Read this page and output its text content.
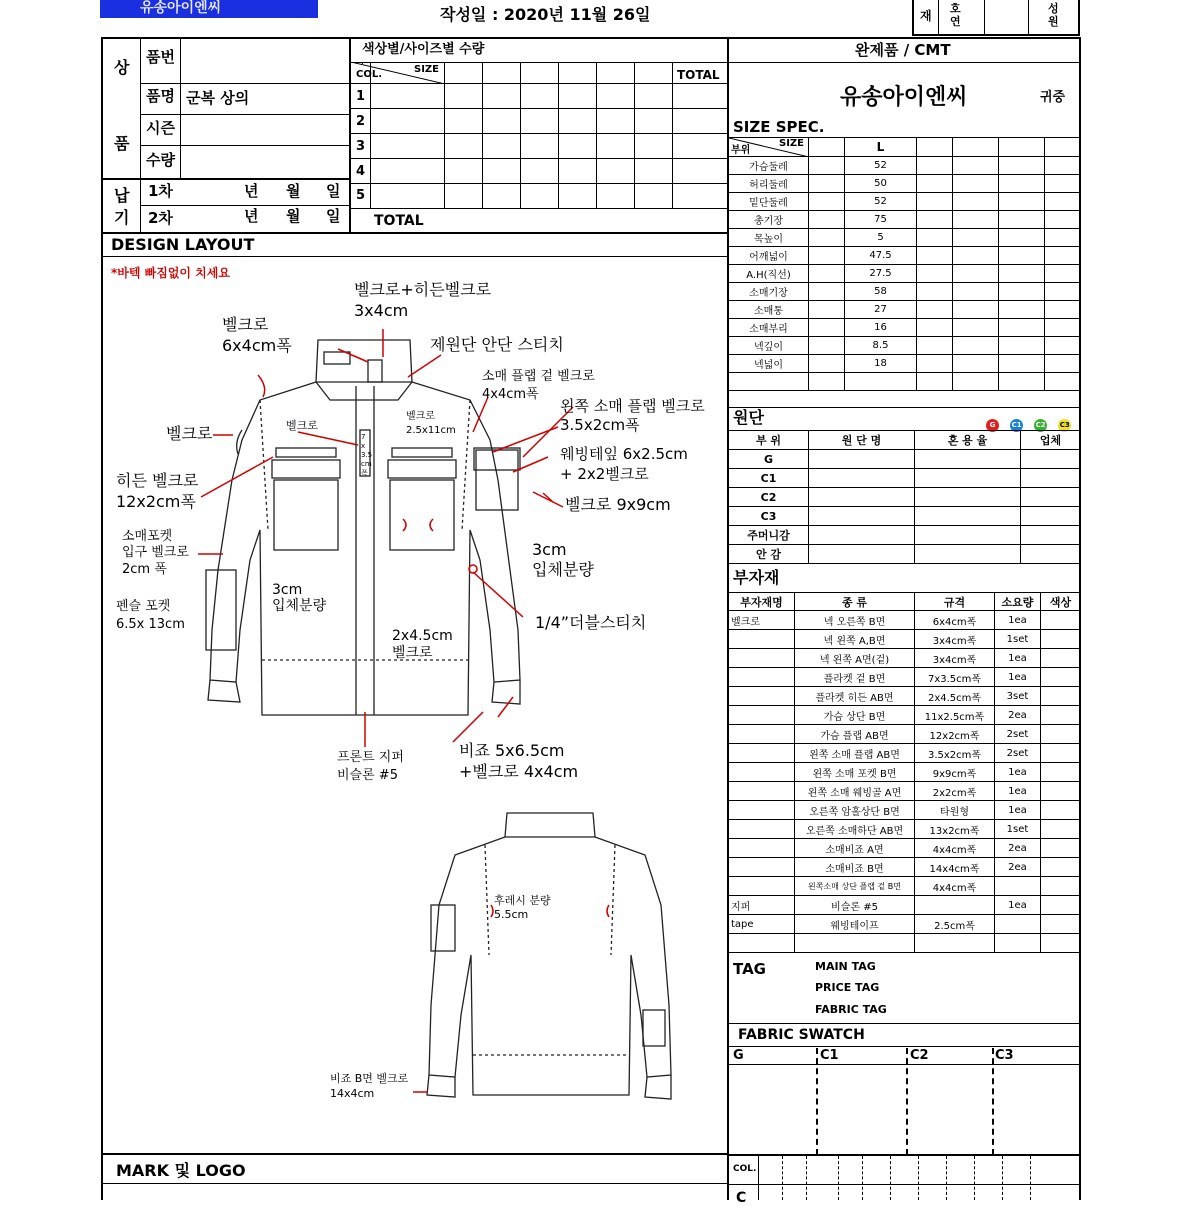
유송아이엔씨	작성일 : 2020년 11월 26일	재
호 연
성 원
상
품
품번
품명 군복 상의
시즌
수량
납 기
1차	년 월 일
2차	년 월 일
색상별/사이즈별 수량
COL.	SIZE	TOTAL
1
2
3
4
5
TOTAL
DESIGN LAYOUT
*바텍 빠짐없이 치세요
벨크로+히든벨크로
3x4cm
벨크로
6x4cm폭	제원단 안단 스티치
소매 플랩 겉 벨크로
4x4cm폭
왼쪽 소매 플랩 벨크로
3.5x2cm폭
벨크로	벨크로
벨크로
2.5x11cm
7 x 3.5 cm 폭
웨빙테잎 6x2.5cm
+ 2x2벨크로
히든 벨크로
12x2cm폭	벨크로 9x9cm
소매포켓
입구 벨크로
2cm 폭
3cm
입체분량
3cm
입체분량
펜슬 포켓
6.5x 13cm	1/4”더블스티치
2x4.5cm
벨크로
프론트 지퍼
비슬론 #5
비죠 5x6.5cm
+벨크로 4x4cm
후레시 분량
5.5cm
비죠 B면 벨크로
14x4cm
MARK 및 LOGO
완제품 / CMT
유송아이엔씨	귀중
SIZE SPEC.
부위
SIZE		L				
가슴둘레		52				
허리둘레		50				
밑단둘레		52				
총기장		75				
목높이		5				
어깨넓이		47.5				
A.H(직선)		27.5				
소매기장		58				
소매통		27				
소매부리		16				
넥깊이		8.5				
넥넓이		18				

원단	G C1 C2 C3
부 위	원 단 명	혼 용 율	업체
G			
C1			
C2			
C3			
주머니감			
안 감			
부자재
부자재명	종 류	규격	소요량	색상
벨크로	넥 오른쪽 B면	6x4cm폭	1ea	
	넥 왼쪽 A,B면	3x4cm폭	1set	
	넥 왼쪽 A면(겉)	3x4cm폭	1ea	
	플라켓 겉 B면	7x3.5cm폭	1ea	
	플라켓 히든 AB면	2x4.5cm폭	3set	
	가슴 상단 B면	11x2.5cm폭	2ea	
	가슴 플랩 AB면	12x2cm폭	2set	
	왼쪽 소매 플랩 AB면	3.5x2cm폭	2set	
	왼쪽 소매 포켓 B면	9x9cm폭	1ea	
	왼쪽 소매 웨빙골 A면	2x2cm폭	1ea	
	오른쪽 암홀상단 B면	타원형	1ea	
	오른쪽 소매하단 AB면	13x2cm폭	1set	
	소매비죠 A면	4x4cm폭	2ea	
	소매비죠 B면	14x4cm폭	2ea	
	왼쪽소매 상단 플랩 겉 B면	4x4cm폭		
지퍼	비슬론 #5		1ea	
tape	웨빙테이프	2.5cm폭		

TAG	MAIN TAG
PRICE TAG
FABRIC TAG
FABRIC SWATCH
G	C1	C2	C3
COL.
C
